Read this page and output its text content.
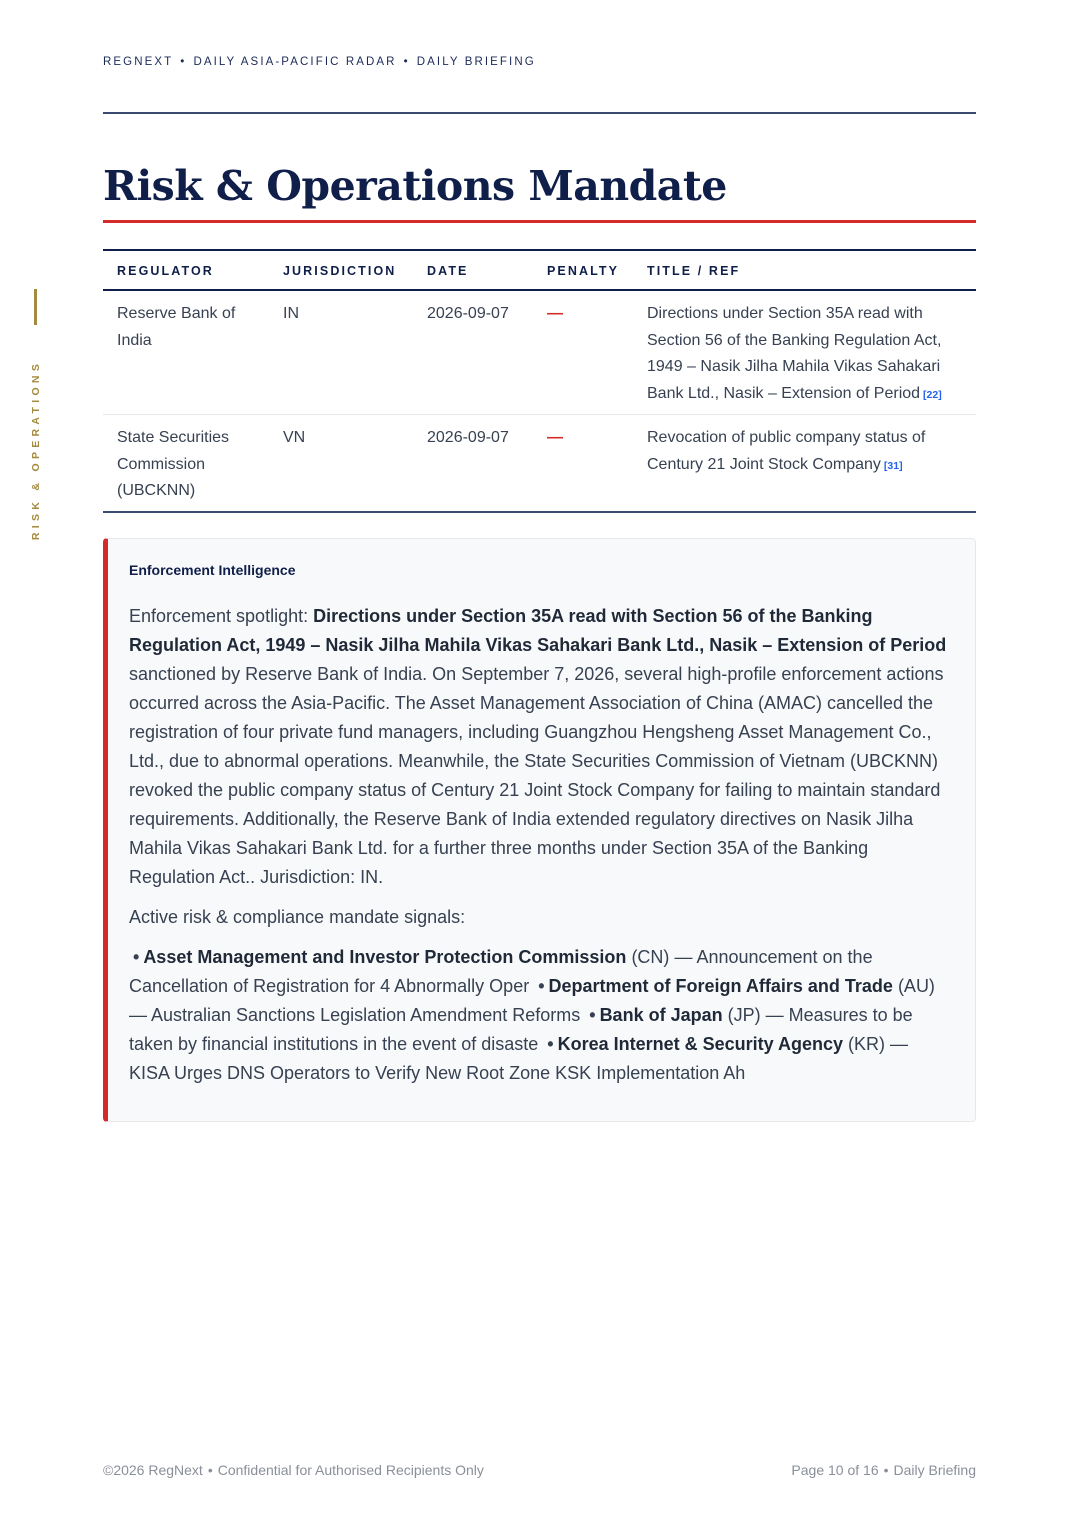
REGNEXT • DAILY ASIA-PACIFIC RADAR • DAILY BRIEFING
RISK & OPERATIONS
Risk & Operations Mandate
REGULATOR	JURISDICTION	DATE	PENALTY	TITLE / REF
Reserve Bank of India	IN	2026-09-07	—	Directions under Section 35A read with Section 56 of the Banking Regulation Act, 1949 – Nasik Jilha Mahila Vikas Sahakari Bank Ltd., Nasik – Extension of Period [22]
State Securities Commission (UBCKNN)	VN	2026-09-07	—	Revocation of public company status of Century 21 Joint Stock Company [31]
Enforcement Intelligence

Enforcement spotlight: Directions under Section 35A read with Section 56 of the Banking Regulation Act, 1949 – Nasik Jilha Mahila Vikas Sahakari Bank Ltd., Nasik – Extension of Period sanctioned by Reserve Bank of India. On September 7, 2026, several high-profile enforcement actions occurred across the Asia-Pacific. The Asset Management Association of China (AMAC) cancelled the registration of four private fund managers, including Guangzhou Hengsheng Asset Management Co., Ltd., due to abnormal operations. Meanwhile, the State Securities Commission of Vietnam (UBCKNN) revoked the public company status of Century 21 Joint Stock Company for failing to maintain standard requirements. Additionally, the Reserve Bank of India extended regulatory directives on Nasik Jilha Mahila Vikas Sahakari Bank Ltd. for a further three months under Section 35A of the Banking Regulation Act.. Jurisdiction: IN.

Active risk & compliance mandate signals:

• Asset Management and Investor Protection Commission (CN) — Announcement on the Cancellation of Registration for 4 Abnormally Oper • Department of Foreign Affairs and Trade (AU) — Australian Sanctions Legislation Amendment Reforms • Bank of Japan (JP) — Measures to be taken by financial institutions in the event of disaste • Korea Internet & Security Agency (KR) — KISA Urges DNS Operators to Verify New Root Zone KSK Implementation Ah

©2026 RegNext • Confidential for Authorised Recipients Only	Page 10 of 16 • Daily Briefing
